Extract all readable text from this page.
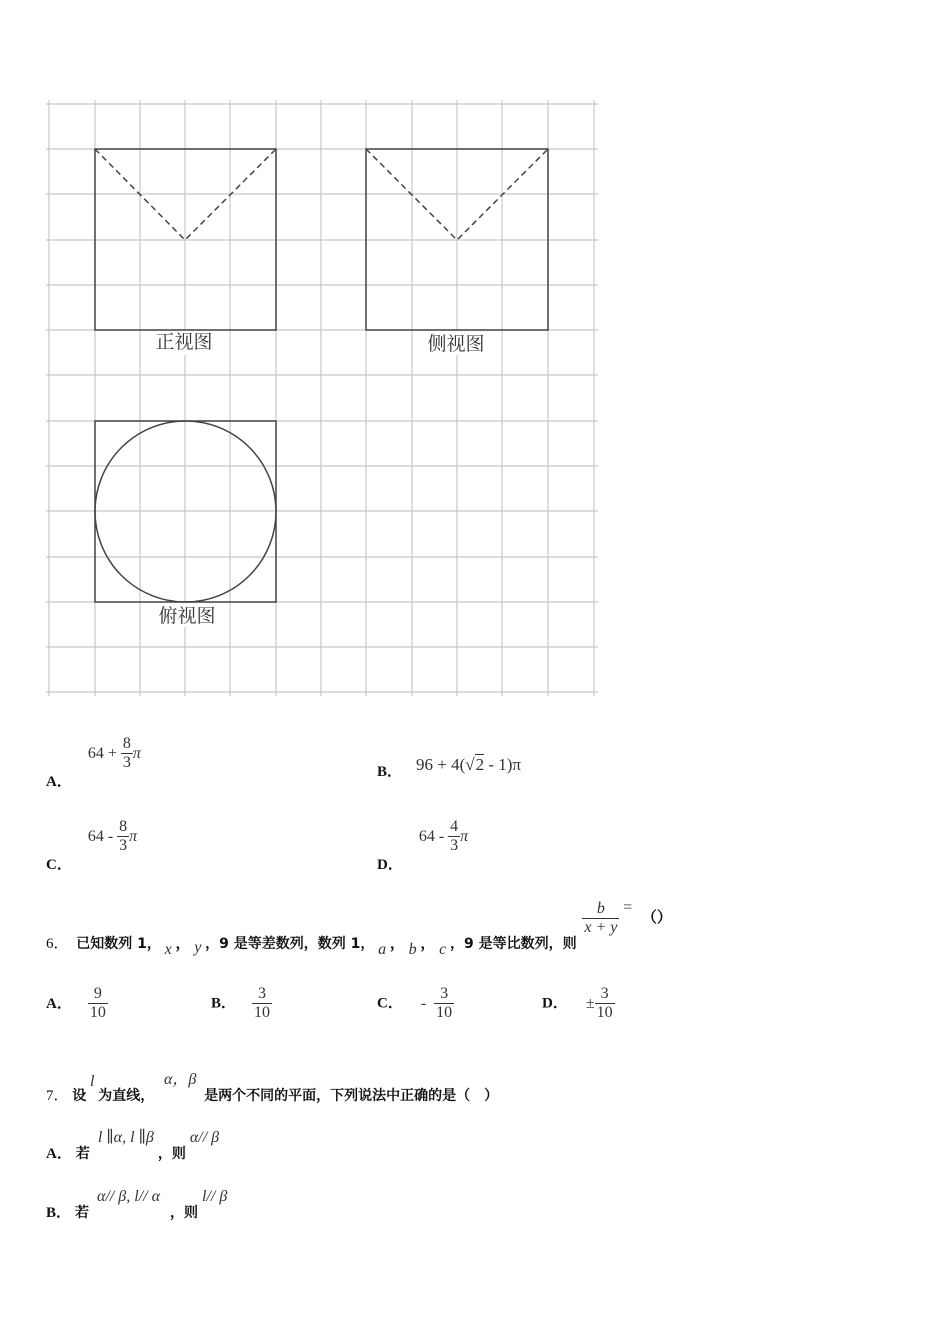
正视图	侧视图
俯视图
A． $64 + \frac{8}{3}$ π
B． 96 + 4(√2 - 1)π
C． $64 - \frac{8}{3}$ π
D． $64 - \frac{4}{3}$ π
6． 已知数列 1， x ， y ，9 是等差数列，数列 1， a ， b ， c ，9 是等比数列，则
$\frac{b}{x + y}$ = （）
A． $\frac{9}{10}$	B． $\frac{3}{10}$	C． - $\frac{3}{10}$	D． ± $\frac{3}{10}$
7． 设 l 为直线， α，β 是两个不同的平面，下列说法中正确的是（　）
A． 若 l ∥α, l ∥β ，则 α// β
B． 若 α// β, l// α ，则 l// β
